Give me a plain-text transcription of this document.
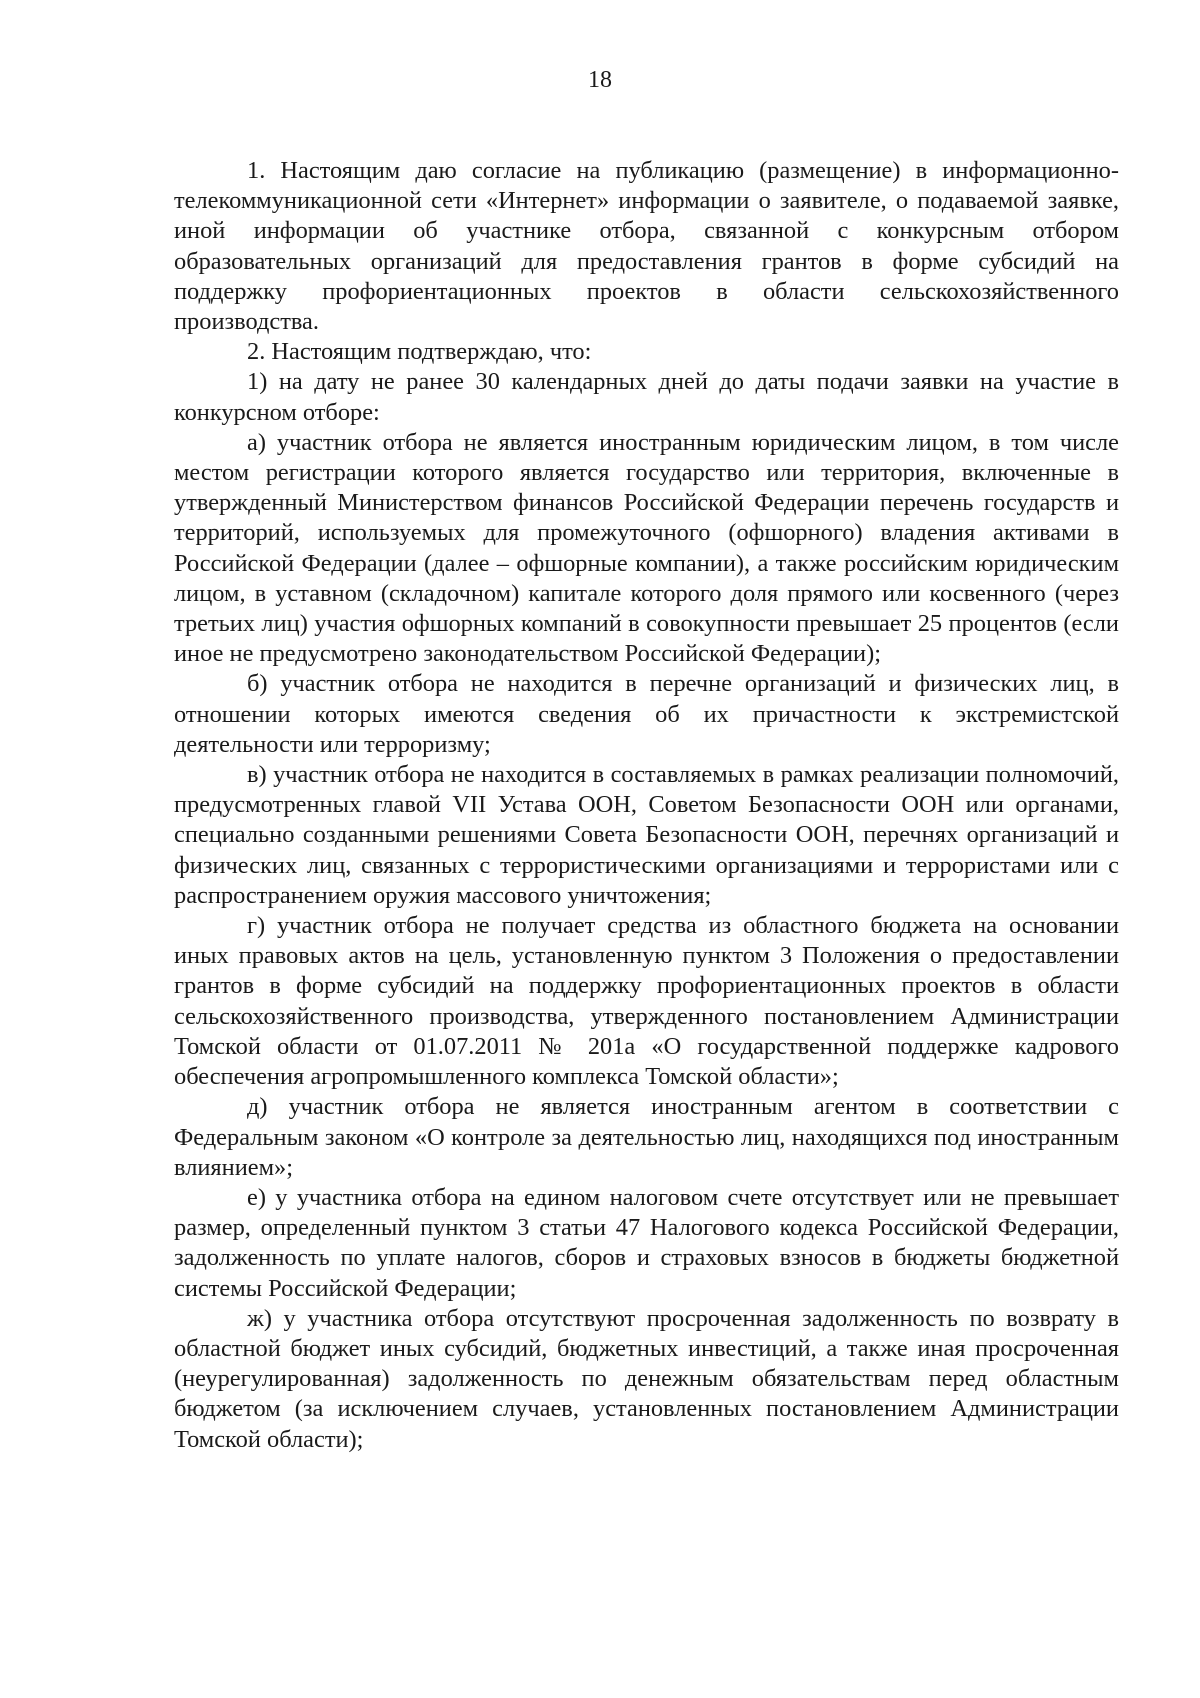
18

1. Настоящим даю согласие на публикацию (размещение) в информационно-телекоммуникационной сети «Интернет» информации о заявителе, о подаваемой заявке, иной информации об участнике отбора, связанной с конкурсным отбором образовательных организаций для предоставления грантов в форме субсидий на поддержку профориентационных проектов в области сельскохозяйственного производства.

2. Настоящим подтверждаю, что:

1) на дату не ранее 30 календарных дней до даты подачи заявки на участие в конкурсном отборе:

а) участник отбора не является иностранным юридическим лицом, в том числе местом регистрации которого является государство или территория, включенные в утвержденный Министерством финансов Российской Федерации перечень государств и территорий, используемых для промежуточного (офшорного) владения активами в Российской Федерации (далее – офшорные компании), а также российским юридическим лицом, в уставном (складочном) капитале которого доля прямого или косвенного (через третьих лиц) участия офшорных компаний в совокупности превышает 25 процентов (если иное не предусмотрено законодательством Российской Федерации);

б) участник отбора не находится в перечне организаций и физических лиц, в отношении которых имеются сведения об их причастности к экстремистской деятельности или терроризму;

в) участник отбора не находится в составляемых в рамках реализации полномочий, предусмотренных главой VII Устава ООН, Советом Безопасности ООН или органами, специально созданными решениями Совета Безопасности ООН, перечнях организаций и физических лиц, связанных с террористическими организациями и террористами или с распространением оружия массового уничтожения;

г) участник отбора не получает средства из областного бюджета на основании иных правовых актов на цель, установленную пунктом 3 Положения о предоставлении грантов в форме субсидий на поддержку профориентационных проектов в области сельскохозяйственного производства, утвержденного постановлением Администрации Томской области от 01.07.2011 № 201а «О государственной поддержке кадрового обеспечения агропромышленного комплекса Томской области»;

д) участник отбора не является иностранным агентом в соответствии с Федеральным законом «О контроле за деятельностью лиц, находящихся под иностранным влиянием»;

е) у участника отбора на едином налоговом счете отсутствует или не превышает размер, определенный пунктом 3 статьи 47 Налогового кодекса Российской Федерации, задолженность по уплате налогов, сборов и страховых взносов в бюджеты бюджетной системы Российской Федерации;

ж) у участника отбора отсутствуют просроченная задолженность по возврату в областной бюджет иных субсидий, бюджетных инвестиций, а также иная просроченная (неурегулированная) задолженность по денежным обязательствам перед областным бюджетом (за исключением случаев, установленных постановлением Администрации Томской области);
